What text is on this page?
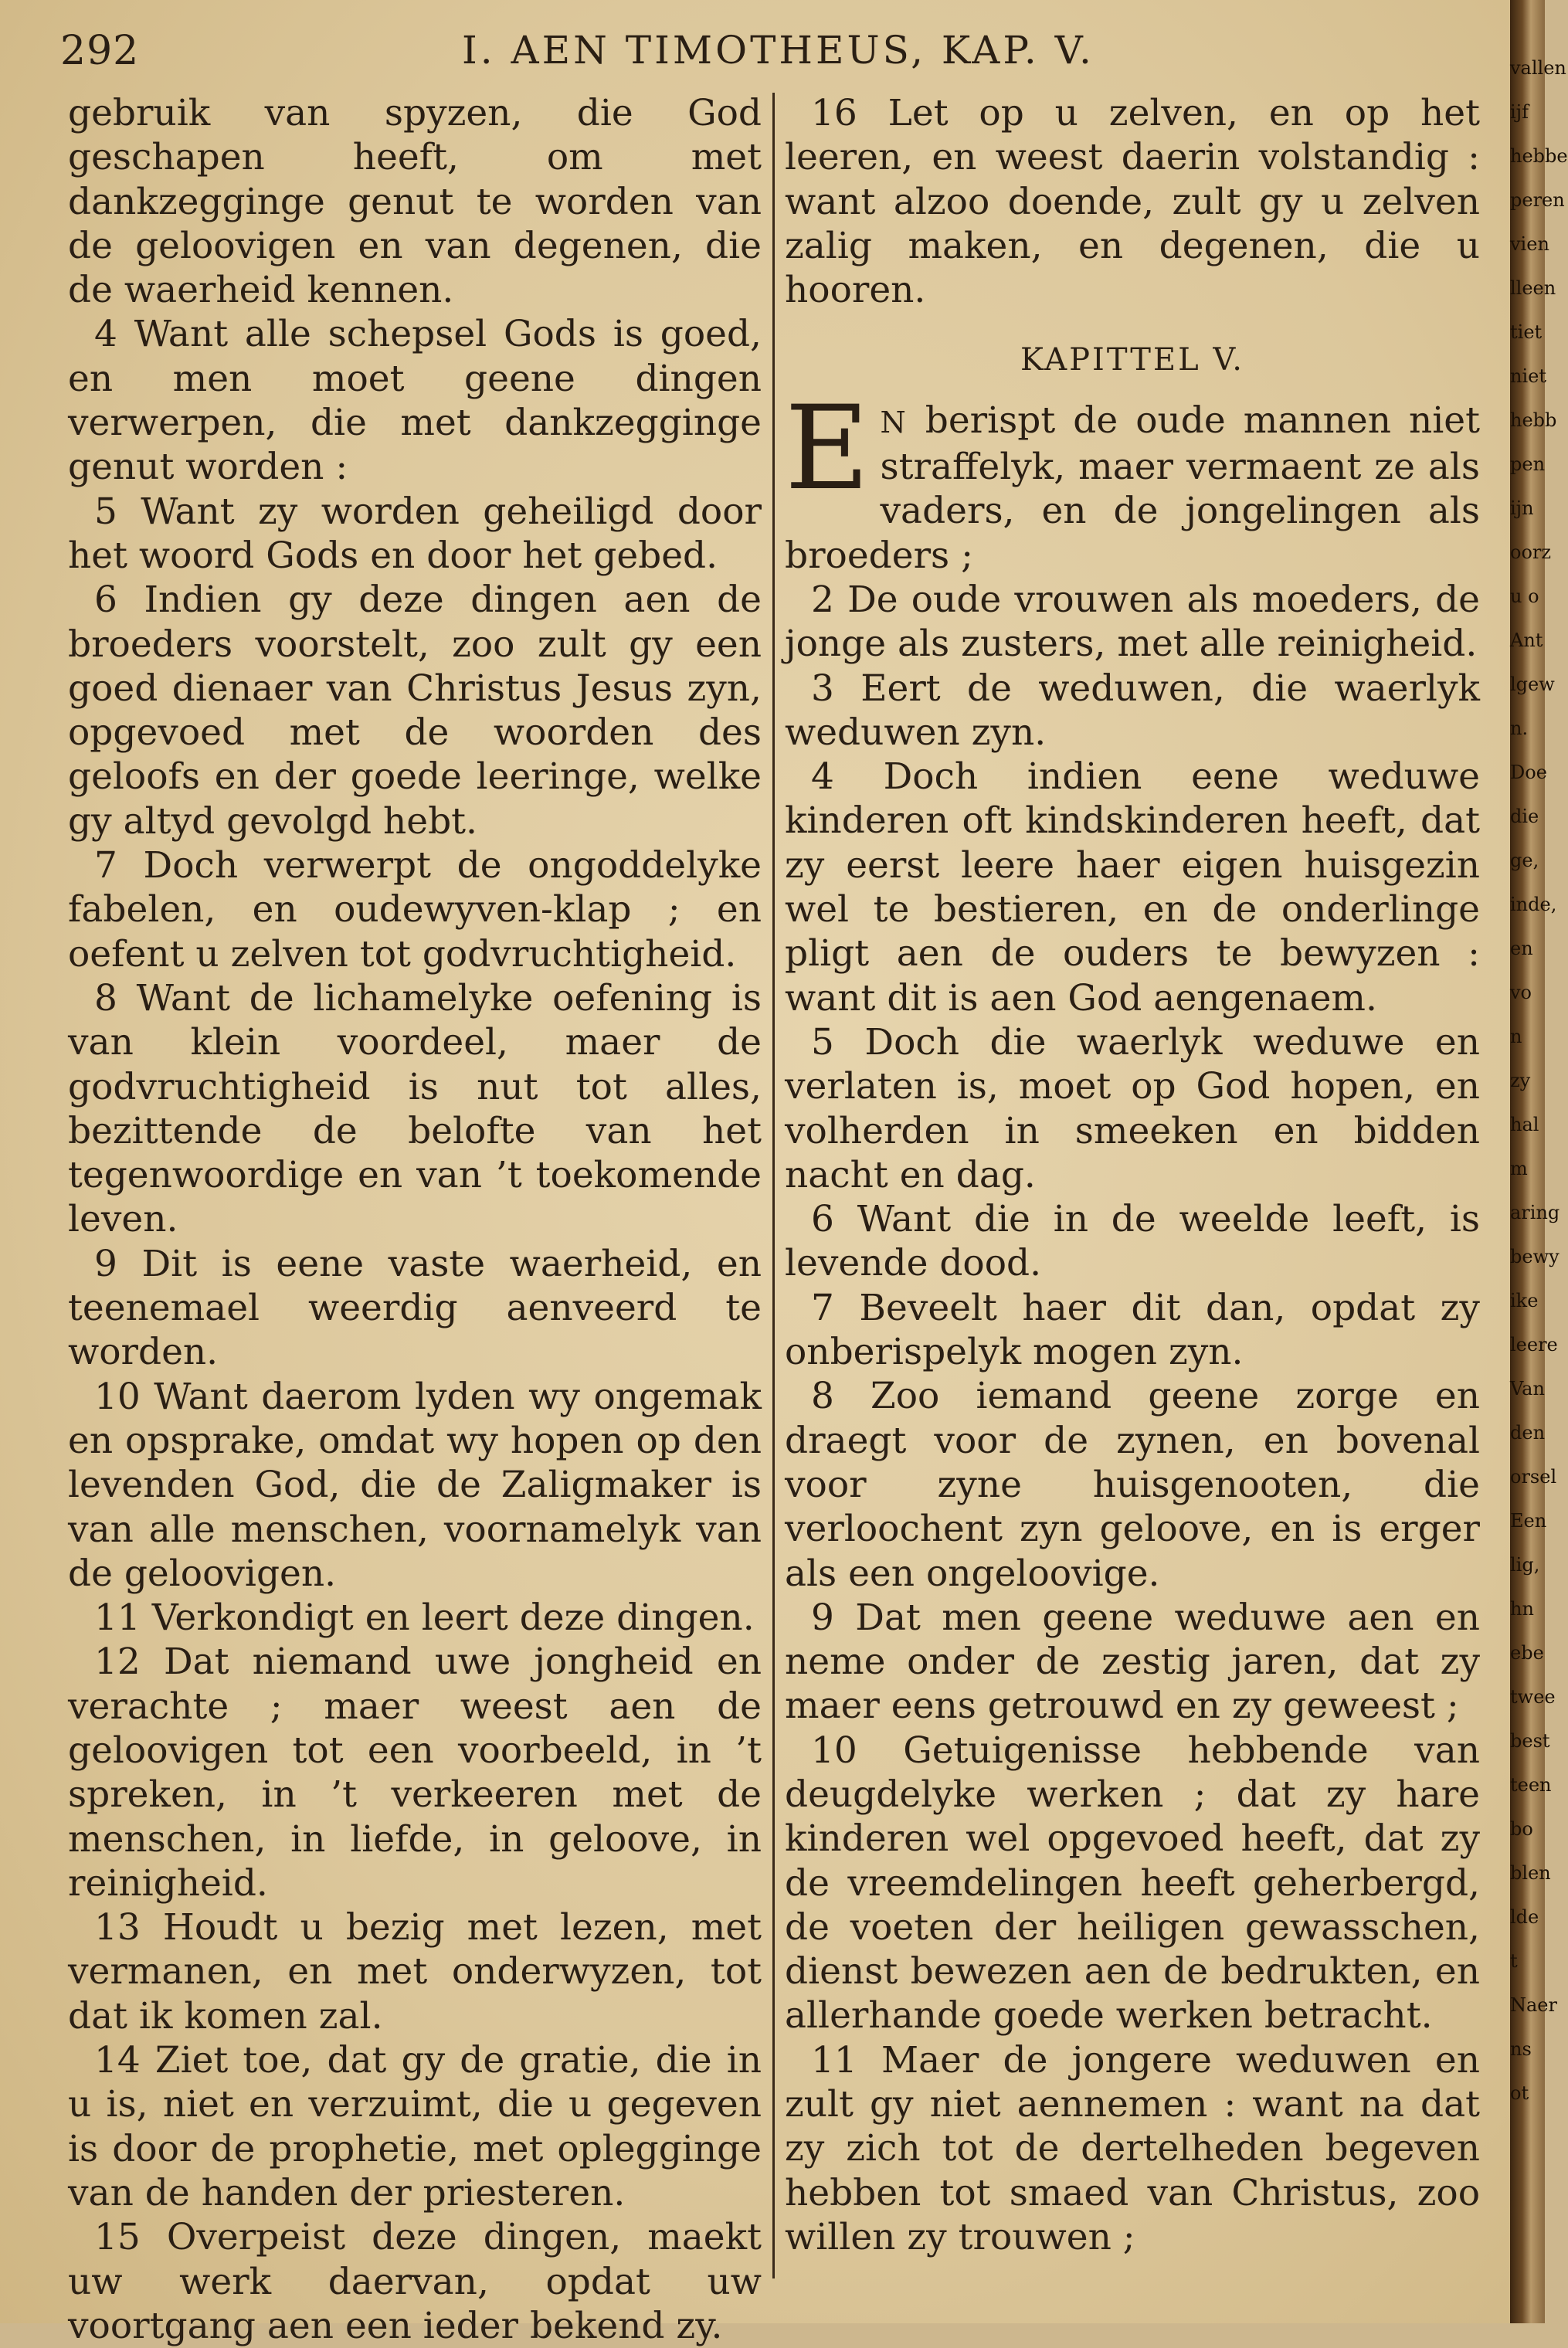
292	I. AEN TIMOTHEUS, KAP. V.

gebruik van spyzen, die God geschapen heeft, om met dankzegginge genut te worden van de geloovigen en van degenen, die de waerheid kennen.

4 Want alle schepsel Gods is goed, en men moet geene dingen verwerpen, die met dankzegginge genut worden :

5 Want zy worden geheiligd door het woord Gods en door het gebed.

6 Indien gy deze dingen aen de broeders voorstelt, zoo zult gy een goed dienaer van Christus Jesus zyn, opgevoed met de woorden des geloofs en der goede leeringe, welke gy altyd gevolgd hebt.

7 Doch verwerpt de ongoddelyke fabelen, en oudewyven-klap ; en oefent u zelven tot godvruchtigheid.

8 Want de lichamelyke oefening is van klein voordeel, maer de godvruchtigheid is nut tot alles, bezittende de belofte van het tegenwoordige en van ’t toekomende leven.

9 Dit is eene vaste waerheid, en teenemael weerdig aenveerd te worden.

10 Want daerom lyden wy ongemak en opsprake, omdat wy hopen op den levenden God, die de Zaligmaker is van alle menschen, voornamelyk van de geloovigen.

11 Verkondigt en leert deze dingen.

12 Dat niemand uwe jongheid en verachte ; maer weest aen de geloovigen tot een voorbeeld, in ’t spreken, in ’t verkeeren met de menschen, in liefde, in geloove, in reinigheid.

13 Houdt u bezig met lezen, met vermanen, en met onderwyzen, tot dat ik komen zal.

14 Ziet toe, dat gy de gratie, die in u is, niet en verzuimt, die u gegeven is door de prophetie, met oplegginge van de handen der priesteren.

15 Overpeist deze dingen, maekt uw werk daervan, opdat uw voortgang aen een ieder bekend zy.

16 Let op u zelven, en op het leeren, en weest daerin volstandig : want alzoo doende, zult gy u zelven zalig maken, en degenen, die u hooren.

KAPITTEL V.

E N berispt de oude mannen niet straffelyk, maer vermaent ze als vaders, en de jongelingen als broeders ;

2 De oude vrouwen als moeders, de jonge als zusters, met alle reinigheid.

3 Eert de weduwen, die waerlyk weduwen zyn.

4 Doch indien eene weduwe kinderen oft kindskinderen heeft, dat zy eerst leere haer eigen huisgezin wel te bestieren, en de onderlinge pligt aen de ouders te bewyzen : want dit is aen God aengenaem.

5 Doch die waerlyk weduwe en verlaten is, moet op God hopen, en volherden in smeeken en bidden nacht en dag.

6 Want die in de weelde leeft, is levende dood.

7 Beveelt haer dit dan, opdat zy onberispelyk mogen zyn.

8 Zoo iemand geene zorge en draegt voor de zynen, en bovenal voor zyne huisgenooten, die verloochent zyn geloove, en is erger als een ongeloovige.

9 Dat men geene weduwe aen en neme onder de zestig jaren, dat zy maer eens getrouwd en zy geweest ;

10 Getuigenisse hebbende van deugdelyke werken ; dat zy hare kinderen wel opgevoed heeft, dat zy de vreemdelingen heeft geherbergd, de voeten der heiligen gewasschen, dienst bewezen aen de bedrukten, en allerhande goede werken betracht.

11 Maer de jongere weduwen en zult gy niet aennemen : want na dat zy zich tot de dertelheden begeven hebben tot smaed van Christus, zoo willen zy trouwen ;

vallen
ijf
hebbe
peren
vien
lleen
tiet
niet
hebb
pen
ijn
oorz
u o
Ant
lgew
n.
Doe
die
ge,
inde,
en vo
n zy
hal m
aring
bewy
ike
leere
Van
den
orsel
Een
lig,
hn
ebe
twee
best
teen
bo
blen
lde
t
Naer
ns
ot
